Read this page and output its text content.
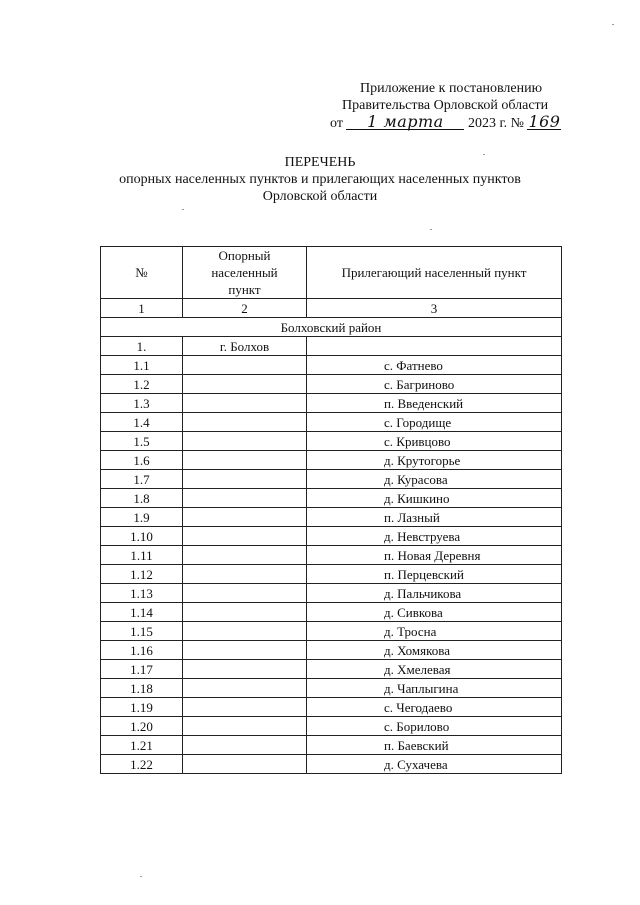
Приложение к постановлению
Правительства Орловской области
от 1 марта 2023 г. № 169
ПЕРЕЧЕНЬ
опорных населенных пунктов и прилегающих населенных пунктов
Орловской области
№	Опорный населенный пункт	Прилегающий населенный пункт
1	2	3
Болховский район		
1.	г. Болхов	
1.1		с. Фатнево
1.2		с. Багриново
1.3		п. Введенский
1.4		с. Городище
1.5		с. Кривцово
1.6		д. Крутогорье
1.7		д. Курасова
1.8		д. Кишкино
1.9		п. Лазный
1.10		д. Невструева
1.11		п. Новая Деревня
1.12		п. Перцевский
1.13		д. Пальчикова
1.14		д. Сивкова
1.15		д. Тросна
1.16		д. Хомякова
1.17		д. Хмелевая
1.18		д. Чаплыгина
1.19		с. Чегодаево
1.20		с. Борилово
1.21		п. Баевский
1.22		д. Сухачева
